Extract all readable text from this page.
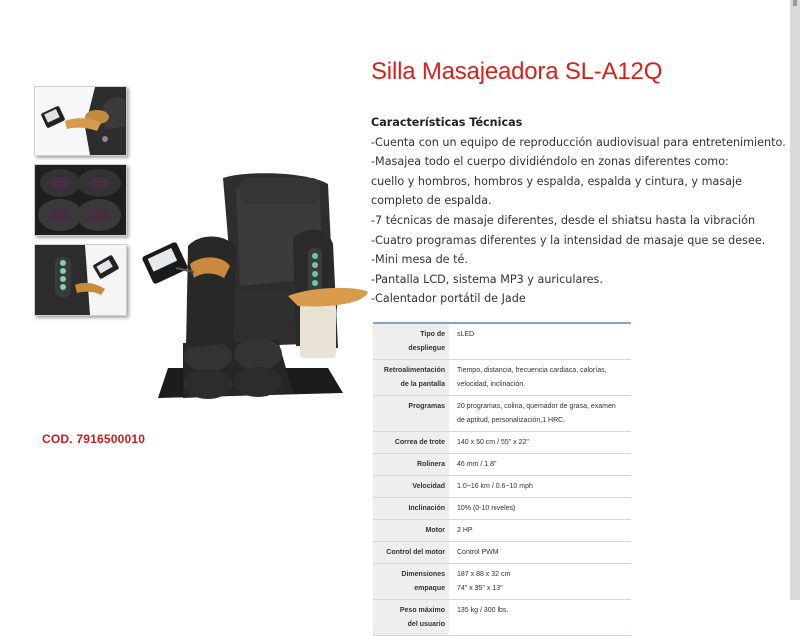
COD. 7916500010
Silla Masajeadora SL-A12Q
Características Técnicas
-Cuenta con un equipo de reproducción audiovisual para entretenimiento.
-Masajea todo el cuerpo dividiéndolo en zonas diferentes como:
cuello y hombros, hombros y espalda, espalda y cintura, y masaje
completo de espalda.
-7 técnicas de masaje diferentes, desde el shiatsu hasta la vibración
-Cuatro programas diferentes y la intensidad de masaje que se desee.
-Mini mesa de té.
-Pantalla LCD, sistema MP3 y auriculares.
-Calentador portátil de Jade
Tipo de
despliegue	sLED
Retroalimentación
de la pantalla	Tiempo, distancia, frecuencia cardiaca, calorías,
velocidad, inclinación.
Programas	20 programas, colina, quemador de grasa, examen
de aptitud, personalización,1 HRC.
Correa de trote	140 x 50 cm / 55" x 22"
Rolinera	46 mm / 1.8"
Velocidad	1.0~16 km / 0.6~10 mph
Inclinación	10% (0-10 niveles)
Motor	2 HP
Control del motor	Control PWM
Dimensiones
empaque	187 x 88 x 32 cm
74" x 35" x 13"
Peso máximo
del usuario	135 kg / 300 lbs.
